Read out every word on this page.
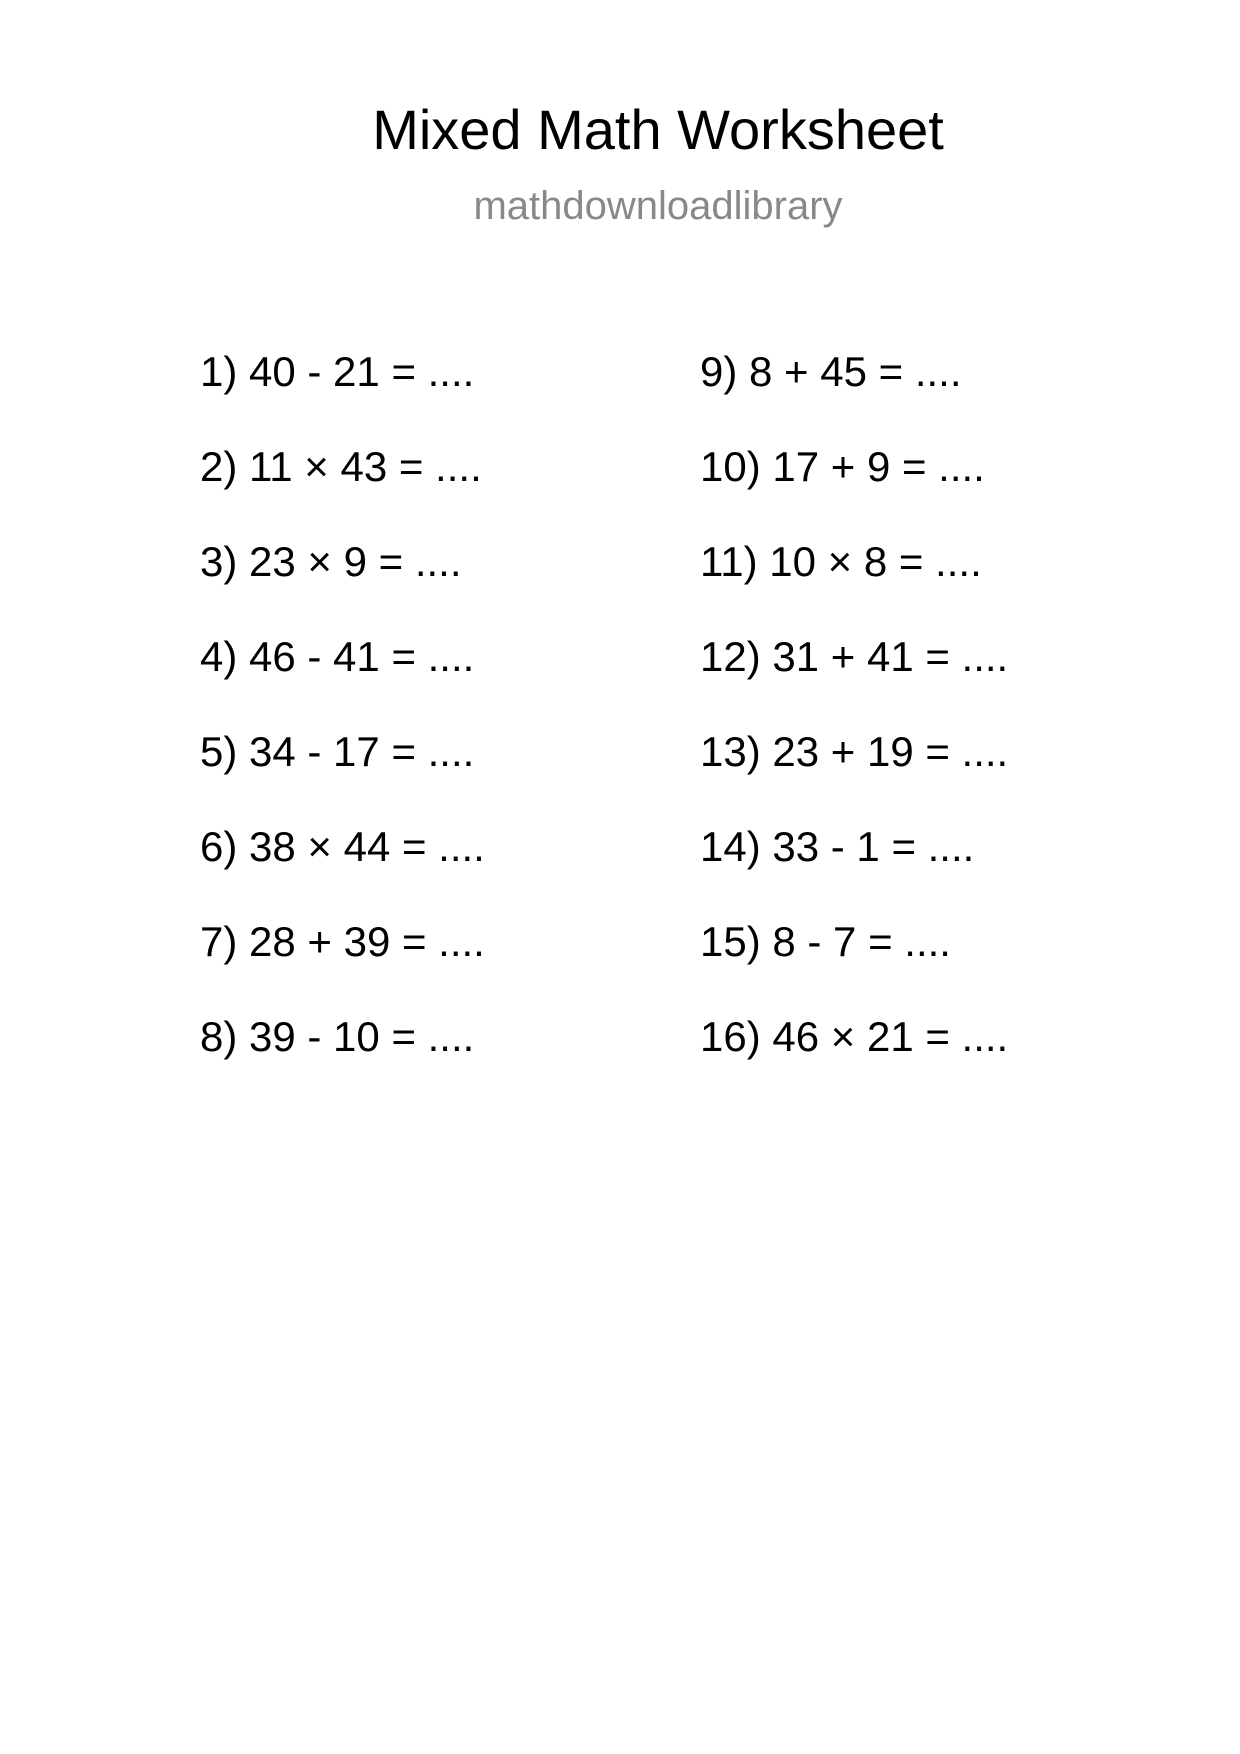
Mixed Math Worksheet
mathdownloadlibrary
1) 40 - 21 = ....
2) 11 × 43 = ....
3) 23 × 9 = ....
4) 46 - 41 = ....
5) 34 - 17 = ....
6) 38 × 44 = ....
7) 28 + 39 = ....
8) 39 - 10 = ....
9) 8 + 45 = ....
10) 17 + 9 = ....
11) 10 × 8 = ....
12) 31 + 41 = ....
13) 23 + 19 = ....
14) 33 - 1 = ....
15) 8 - 7 = ....
16) 46 × 21 = ....
